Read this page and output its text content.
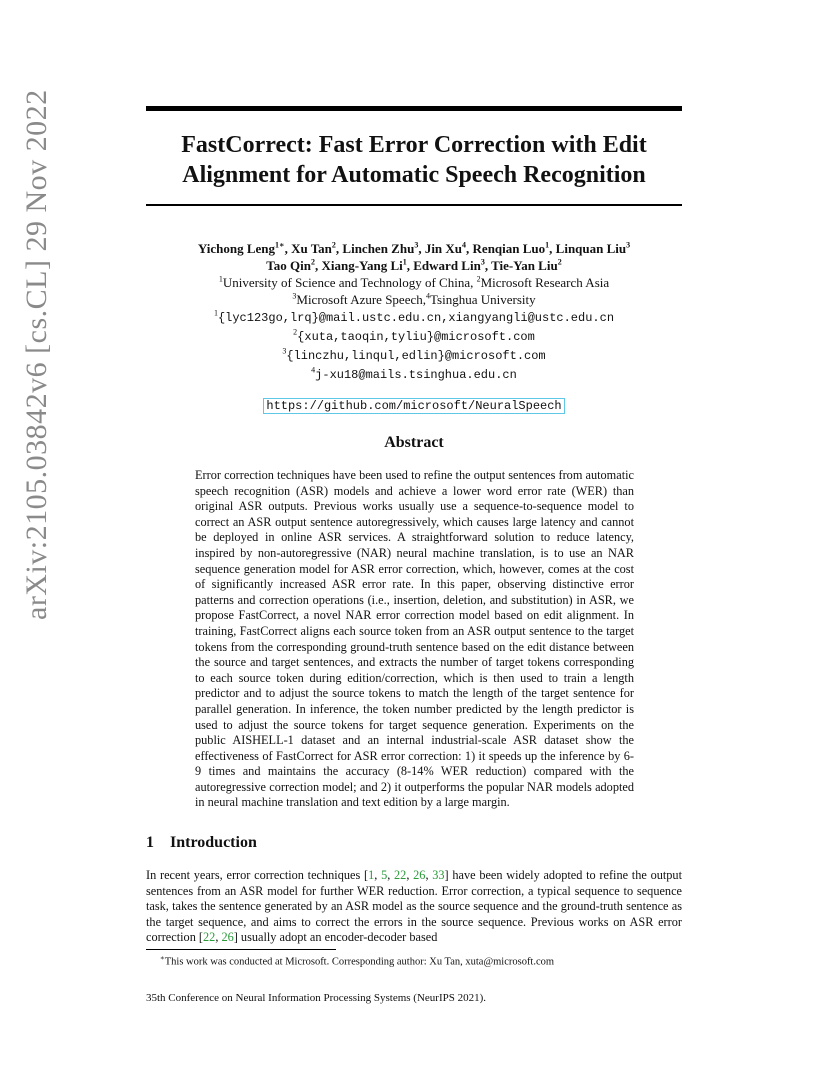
arXiv:2105.03842v6 [cs.CL] 29 Nov 2022	FastCorrect: Fast Error Correction with Edit
Alignment for Automatic Speech Recognition
Yichong Leng$^{1∗}$, Xu Tan$^2$, Linchen Zhu$^3$, Jin Xu$^4$, Renqian Luo$^1$, Linquan Liu$^3$
Tao Qin$^2$, Xiang-Yang Li$^1$, Edward Lin$^3$, Tie-Yan Liu$^2$
$^1$University of Science and Technology of China, $^2$Microsoft Research Asia
$^3$Microsoft Azure Speech,$^4$Tsinghua University
$^1${lyc123go,lrq}@mail.ustc.edu.cn,xiangyangli@ustc.edu.cn
$^2${xuta,taoqin,tyliu}@microsoft.com
$^3${linczhu,linqul,edlin}@microsoft.com
$^4$j-xu18@mails.tsinghua.edu.cn
https://github.com/microsoft/NeuralSpeech
Abstract

Error correction techniques have been used to refine the output sentences from automatic speech recognition (ASR) models and achieve a lower word error rate (WER) than original ASR outputs. Previous works usually use a sequence-to-sequence model to correct an ASR output sentence autoregressively, which causes large latency and cannot be deployed in online ASR services. A straightforward solution to reduce latency, inspired by non-autoregressive (NAR) neural machine translation, is to use an NAR sequence generation model for ASR error correction, which, however, comes at the cost of significantly increased ASR error rate. In this paper, observing distinctive error patterns and correction operations (i.e., insertion, deletion, and substitution) in ASR, we propose FastCorrect, a novel NAR error correction model based on edit alignment. In training, FastCorrect aligns each source token from an ASR output sentence to the target tokens from the corresponding ground-truth sentence based on the edit distance between the source and target sentences, and extracts the number of target tokens corresponding to each source token during edition/correction, which is then used to train a length predictor and to adjust the source tokens to match the length of the target sentence for parallel generation. In inference, the token number predicted by the length predictor is used to adjust the source tokens for target sequence generation. Experiments on the public AISHELL-1 dataset and an internal industrial-scale ASR dataset show the effectiveness of FastCorrect for ASR error correction: 1) it speeds up the inference by 6-9 times and maintains the accuracy (8-14% WER reduction) compared with the autoregressive correction model; and 2) it outperforms the popular NAR models adopted in neural machine translation and text edition by a large margin.

1 Introduction

In recent years, error correction techniques [1, 5, 22, 26, 33] have been widely adopted to refine the output sentences from an ASR model for further WER reduction. Error correction, a typical sequence to sequence task, takes the sentence generated by an ASR model as the source sequence and the ground-truth sentence as the target sequence, and aims to correct the errors in the source sequence. Previous works on ASR error correction [22, 26] usually adopt an encoder-decoder based

∗This work was conducted at Microsoft. Corresponding author: Xu Tan, xuta@microsoft.com
35th Conference on Neural Information Processing Systems (NeurIPS 2021).
